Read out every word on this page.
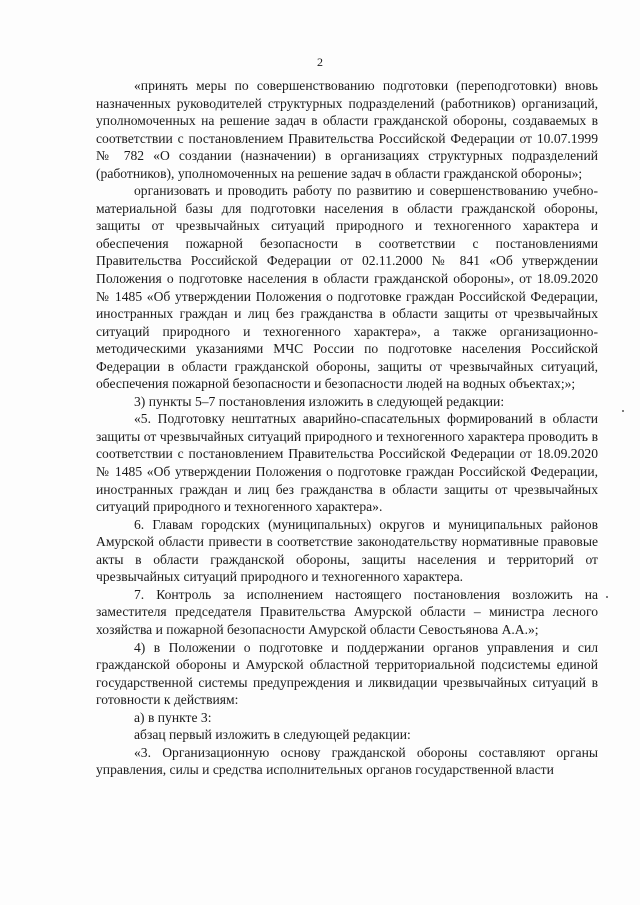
2

«принять меры по совершенствованию подготовки (переподготовки) вновь назначенных руководителей структурных подразделений (работников) организаций, уполномоченных на решение задач в области гражданской обороны, создаваемых в соответствии с постановлением Правительства Российской Федерации от 10.07.1999 № 782 «О создании (назначении) в организациях структурных подразделений (работников), уполномоченных на решение задач в области гражданской обороны»;

организовать и проводить работу по развитию и совершенствованию учебно-материальной базы для подготовки населения в области гражданской обороны, защиты от чрезвычайных ситуаций природного и техногенного характера и обеспечения пожарной безопасности в соответствии с постановлениями Правительства Российской Федерации от 02.11.2000 № 841 «Об утверждении Положения о подготовке населения в области гражданской обороны», от 18.09.2020 № 1485 «Об утверждении Положения о подготовке граждан Российской Федерации, иностранных граждан и лиц без гражданства в области защиты от чрезвычайных ситуаций природного и техногенного характера», а также организационно-методическими указаниями МЧС России по подготовке населения Российской Федерации в области гражданской обороны, защиты от чрезвычайных ситуаций, обеспечения пожарной безопасности и безопасности людей на водных объектах;»;

3) пункты 5–7 постановления изложить в следующей редакции:

«5. Подготовку нештатных аварийно-спасательных формирований в области защиты от чрезвычайных ситуаций природного и техногенного характера проводить в соответствии с постановлением Правительства Российской Федерации от 18.09.2020 № 1485 «Об утверждении Положения о подготовке граждан Российской Федерации, иностранных граждан и лиц без гражданства в области защиты от чрезвычайных ситуаций природного и техногенного характера».

6. Главам городских (муниципальных) округов и муниципальных районов Амурской области привести в соответствие законодательству нормативные правовые акты в области гражданской обороны, защиты населения и территорий от чрезвычайных ситуаций природного и техногенного характера.

7. Контроль за исполнением настоящего постановления возложить на заместителя председателя Правительства Амурской области – министра лесного хозяйства и пожарной безопасности Амурской области Севостьянова А.А.»;

4) в Положении о подготовке и поддержании органов управления и сил гражданской обороны и Амурской областной территориальной подсистемы единой государственной системы предупреждения и ликвидации чрезвычайных ситуаций в готовности к действиям:

а) в пункте 3:

абзац первый изложить в следующей редакции:

«3. Организационную основу гражданской обороны составляют органы управления, силы и средства исполнительных органов государственной власти
